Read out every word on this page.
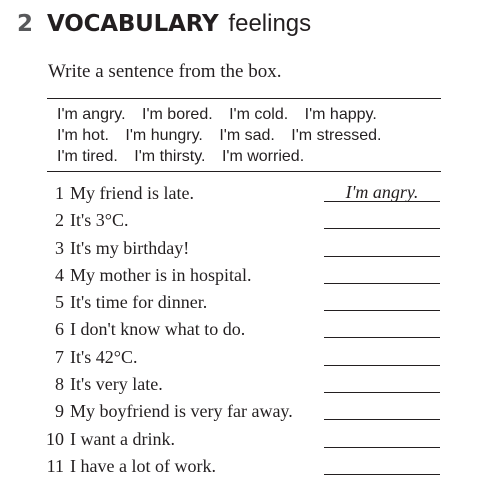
2 VOCABULARY feelings
Write a sentence from the box.
I'm angry. I'm bored. I'm cold. I'm happy.
I'm hot. I'm hungry. I'm sad. I'm stressed.
I'm tired. I'm thirsty. I'm worried.
1 My friend is late.	I'm angry.
2 It's 3°C.
3 It's my birthday!
4 My mother is in hospital.
5 It's time for dinner.
6 I don't know what to do.
7 It's 42°C.
8 It's very late.
9 My boyfriend is very far away.
10 I want a drink.
11 I have a lot of work.
